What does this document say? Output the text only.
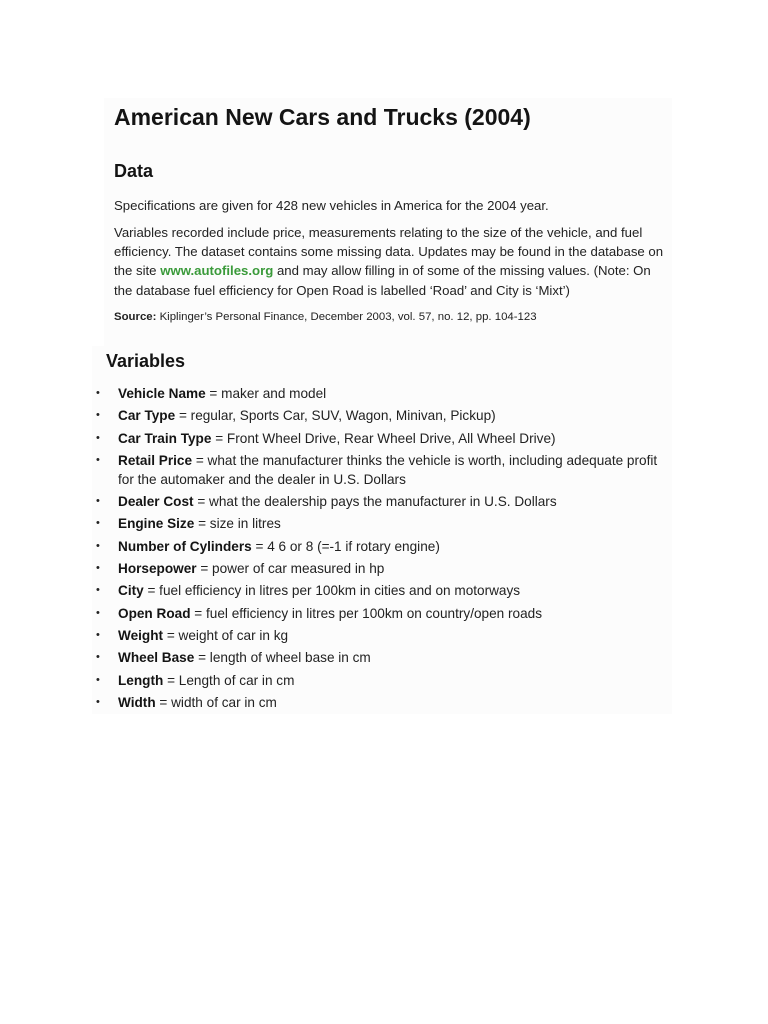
American New Cars and Trucks (2004)
Data

Specifications are given for 428 new vehicles in America for the 2004 year.

Variables recorded include price, measurements relating to the size of the vehicle, and fuel efficiency. The dataset contains some missing data. Updates may be found in the database on the site www.autofiles.org and may allow filling in of some of the missing values. (Note: On the database fuel efficiency for Open Road is labelled ‘Road’ and City is ‘Mixt’)

Source: Kiplinger’s Personal Finance, December 2003, vol. 57, no. 12, pp. 104-123

Variables
• Vehicle Name = maker and model
• Car Type = regular, Sports Car, SUV, Wagon, Minivan, Pickup)
• Car Train Type = Front Wheel Drive, Rear Wheel Drive, All Wheel Drive)
• Retail Price = what the manufacturer thinks the vehicle is worth, including adequate profit for the automaker and the dealer in U.S. Dollars
• Dealer Cost = what the dealership pays the manufacturer in U.S. Dollars
• Engine Size = size in litres
• Number of Cylinders = 4 6 or 8 (=-1 if rotary engine)
• Horsepower = power of car measured in hp
• City = fuel efficiency in litres per 100km in cities and on motorways
• Open Road = fuel efficiency in litres per 100km on country/open roads
• Weight = weight of car in kg
• Wheel Base = length of wheel base in cm
• Length = Length of car in cm
• Width = width of car in cm
